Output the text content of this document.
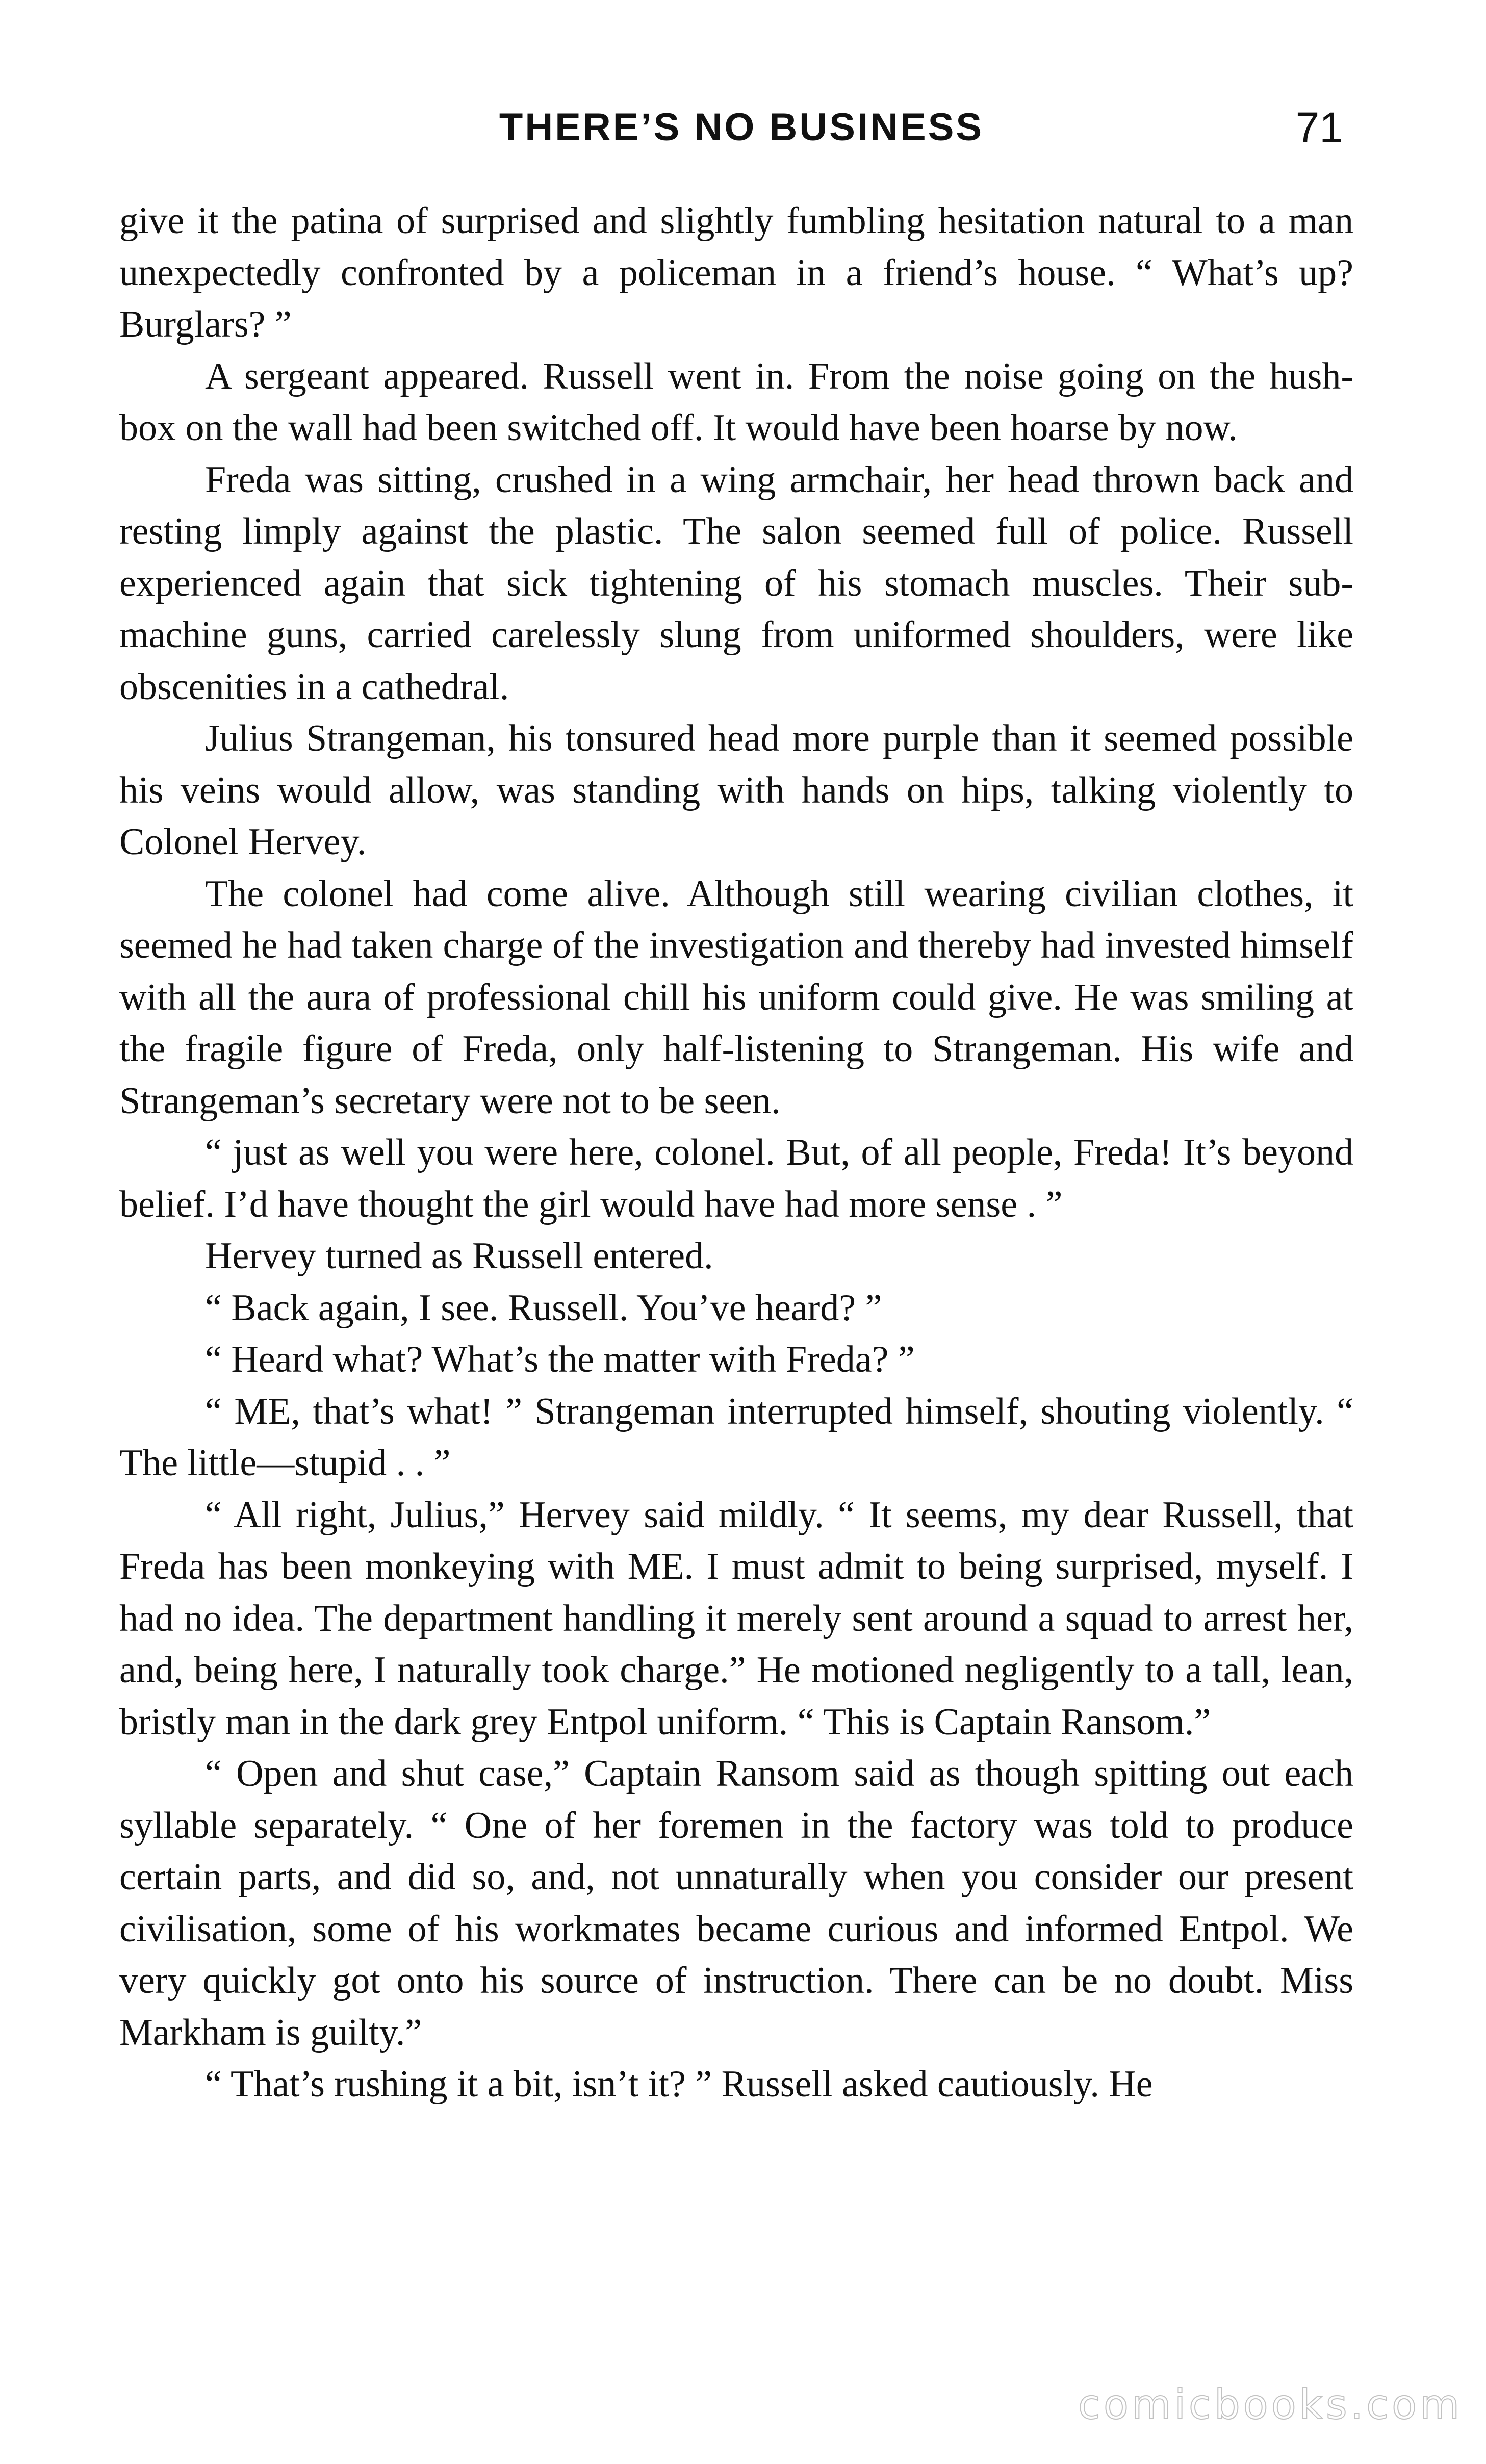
THERE’S NO BUSINESS	71

give it the patina of surprised and slightly fumbling hesitation natural to a man unexpectedly confronted by a policeman in a friend’s house. “ What’s up? Burglars? ”

A sergeant appeared. Russell went in. From the noise going on the hush-box on the wall had been switched off. It would have been hoarse by now.

Freda was sitting, crushed in a wing armchair, her head thrown back and resting limply against the plastic. The salon seemed full of police. Russell experienced again that sick tightening of his stomach muscles. Their sub-machine guns, carried carelessly slung from uniformed shoulders, were like obscenities in a cathedral.

Julius Strangeman, his tonsured head more purple than it seemed possible his veins would allow, was standing with hands on hips, talking violently to Colonel Hervey.

The colonel had come alive. Although still wearing civilian clothes, it seemed he had taken charge of the investigation and thereby had invested himself with all the aura of professional chill his uniform could give. He was smiling at the fragile figure of Freda, only half-listening to Strangeman. His wife and Strangeman’s secretary were not to be seen.

“ just as well you were here, colonel. But, of all people, Freda! It’s beyond belief. I’d have thought the girl would have had more sense . ”

Hervey turned as Russell entered.

“ Back again, I see. Russell. You’ve heard? ”

“ Heard what? What’s the matter with Freda? ”

“ ME, that’s what! ” Strangeman interrupted himself, shouting violently. “ The little—stupid . . ”

“ All right, Julius,” Hervey said mildly. “ It seems, my dear Russell, that Freda has been monkeying with ME. I must admit to being surprised, myself. I had no idea. The department handling it merely sent around a squad to arrest her, and, being here, I naturally took charge.” He motioned negligently to a tall, lean, bristly man in the dark grey Entpol uniform. “ This is Captain Ransom.”

“ Open and shut case,” Captain Ransom said as though spitting out each syllable separately. “ One of her foremen in the factory was told to produce certain parts, and did so, and, not unnaturally when you consider our present civilisation, some of his workmates became curious and informed Entpol. We very quickly got onto his source of instruction. There can be no doubt. Miss Markham is guilty.”

“ That’s rushing it a bit, isn’t it? ” Russell asked cautiously. He

comicbooks.com
